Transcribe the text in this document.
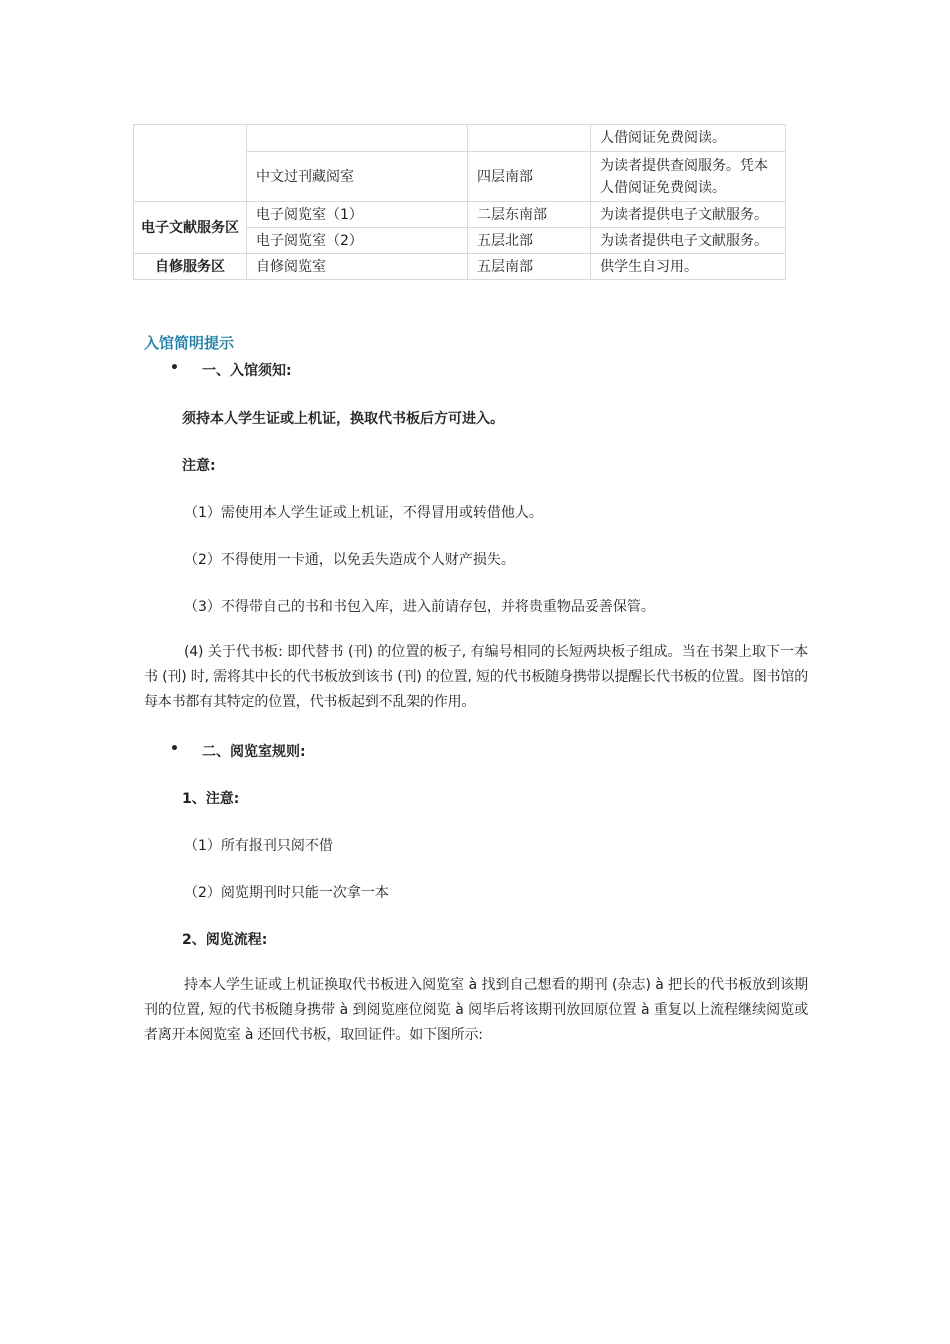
			人借阅证免费阅读。
	中文过刊藏阅室	四层南部	为读者提供查阅服务。凭本人借阅证免费阅读。
电子文献服务区	电子阅览室（1）	二层东南部	为读者提供电子文献服务。
	电子阅览室（2）	五层北部	为读者提供电子文献服务。
自修服务区	自修阅览室	五层南部	供学生自习用。
入馆简明提示
•	一、入馆须知:
须持本人学生证或上机证，换取代书板后方可进入。
注意:
（1）需使用本人学生证或上机证，不得冒用或转借他人。
（2）不得使用一卡通，以免丢失造成个人财产损失。
（3）不得带自己的书和书包入库，进入前请存包，并将贵重物品妥善保管。
(4) 关于代书板: 即代替书 (刊) 的位置的板子, 有编号相同的长短两块板子组成。当在书架上取下一本书 (刊) 时, 需将其中长的代书板放到该书 (刊) 的位置, 短的代书板随身携带以提醒长代书板的位置。图书馆的每本书都有其特定的位置，代书板起到不乱架的作用。
•	二、阅览室规则:
1、注意:
（1）所有报刊只阅不借
（2）阅览期刊时只能一次拿一本
2、阅览流程:
持本人学生证或上机证换取代书板进入阅览室 à 找到自己想看的期刊 (杂志) à 把长的代书板放到该期刊的位置, 短的代书板随身携带 à 到阅览座位阅览 à 阅毕后将该期刊放回原位置 à 重复以上流程继续阅览或者离开本阅览室 à 还回代书板，取回证件。如下图所示:
